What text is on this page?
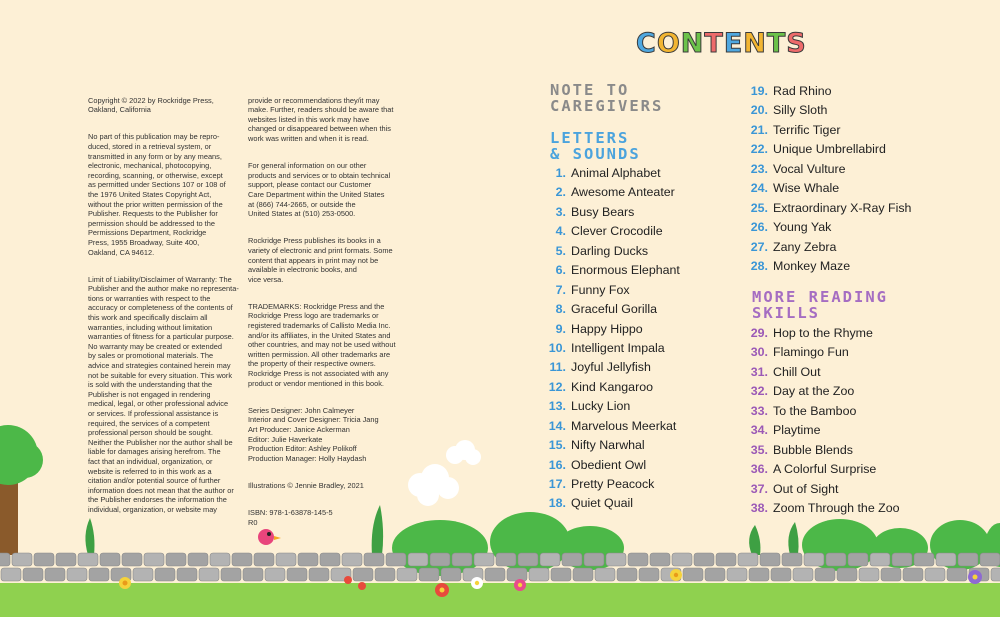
Copyright © 2022 by Rockridge Press,
Oakland, California

No part of this publication may be repro-
duced, stored in a retrieval system, or
transmitted in any form or by any means,
electronic, mechanical, photocopying,
recording, scanning, or otherwise, except
as permitted under Sections 107 or 108 of
the 1976 United States Copyright Act,
without the prior written permission of the
Publisher. Requests to the Publisher for
permission should be addressed to the
Permissions Department, Rockridge
Press, 1955 Broadway, Suite 400,
Oakland, CA 94612.

Limit of Liability/Disclaimer of Warranty: The
Publisher and the author make no representa-
tions or warranties with respect to the
accuracy or completeness of the contents of
this work and specifically disclaim all
warranties, including without limitation
warranties of fitness for a particular purpose.
No warranty may be created or extended
by sales or promotional materials. The
advice and strategies contained herein may
not be suitable for every situation. This work
is sold with the understanding that the
Publisher is not engaged in rendering
medical, legal, or other professional advice
or services. If professional assistance is
required, the services of a competent
professional person should be sought.
Neither the Publisher nor the author shall be
liable for damages arising herefrom. The
fact that an individual, organization, or
website is referred to in this work as a
citation and/or potential source of further
information does not mean that the author or
the Publisher endorses the information the
individual, organization, or website may

provide or recommendations they/it may
make. Further, readers should be aware that
websites listed in this work may have
changed or disappeared between when this
work was written and when it is read.

For general information on our other
products and services or to obtain technical
support, please contact our Customer
Care Department within the United States
at (866) 744-2665, or outside the
United States at (510) 253-0500.

Rockridge Press publishes its books in a
variety of electronic and print formats. Some
content that appears in print may not be
available in electronic books, and
vice versa.

TRADEMARKS: Rockridge Press and the
Rockridge Press logo are trademarks or
registered trademarks of Callisto Media Inc.
and/or its affiliates, in the United States and
other countries, and may not be used without
written permission. All other trademarks are
the property of their respective owners.
Rockridge Press is not associated with any
product or vendor mentioned in this book.

Series Designer: John Calmeyer
Interior and Cover Designer: Tricia Jang
Art Producer: Janice Ackerman
Editor: Julie Haverkate
Production Editor: Ashley Polikoff
Production Manager: Holly Haydash

Illustrations © Jennie Bradley, 2021

ISBN: 978-1-63878-145-5
R0

CONTENTS
NOTE TO
CAREGIVERS
LETTERS
& SOUNDS
MORE READING
SKILLS
1. Animal Alphabet
2. Awesome Anteater
3. Busy Bears
4. Clever Crocodile
5. Darling Ducks
6. Enormous Elephant
7. Funny Fox
8. Graceful Gorilla
9. Happy Hippo
10. Intelligent Impala
11. Joyful Jellyfish
12. Kind Kangaroo
13. Lucky Lion
14. Marvelous Meerkat
15. Nifty Narwhal
16. Obedient Owl
17. Pretty Peacock
18. Quiet Quail
19. Rad Rhino
20. Silly Sloth
21. Terrific Tiger
22. Unique Umbrellabird
23. Vocal Vulture
24. Wise Whale
25. Extraordinary X-Ray Fish
26. Young Yak
27. Zany Zebra
28. Monkey Maze
29. Hop to the Rhyme
30. Flamingo Fun
31. Chill Out
32. Day at the Zoo
33. To the Bamboo
34. Playtime
35. Bubble Blends
36. A Colorful Surprise
37. Out of Sight
38. Zoom Through the Zoo
